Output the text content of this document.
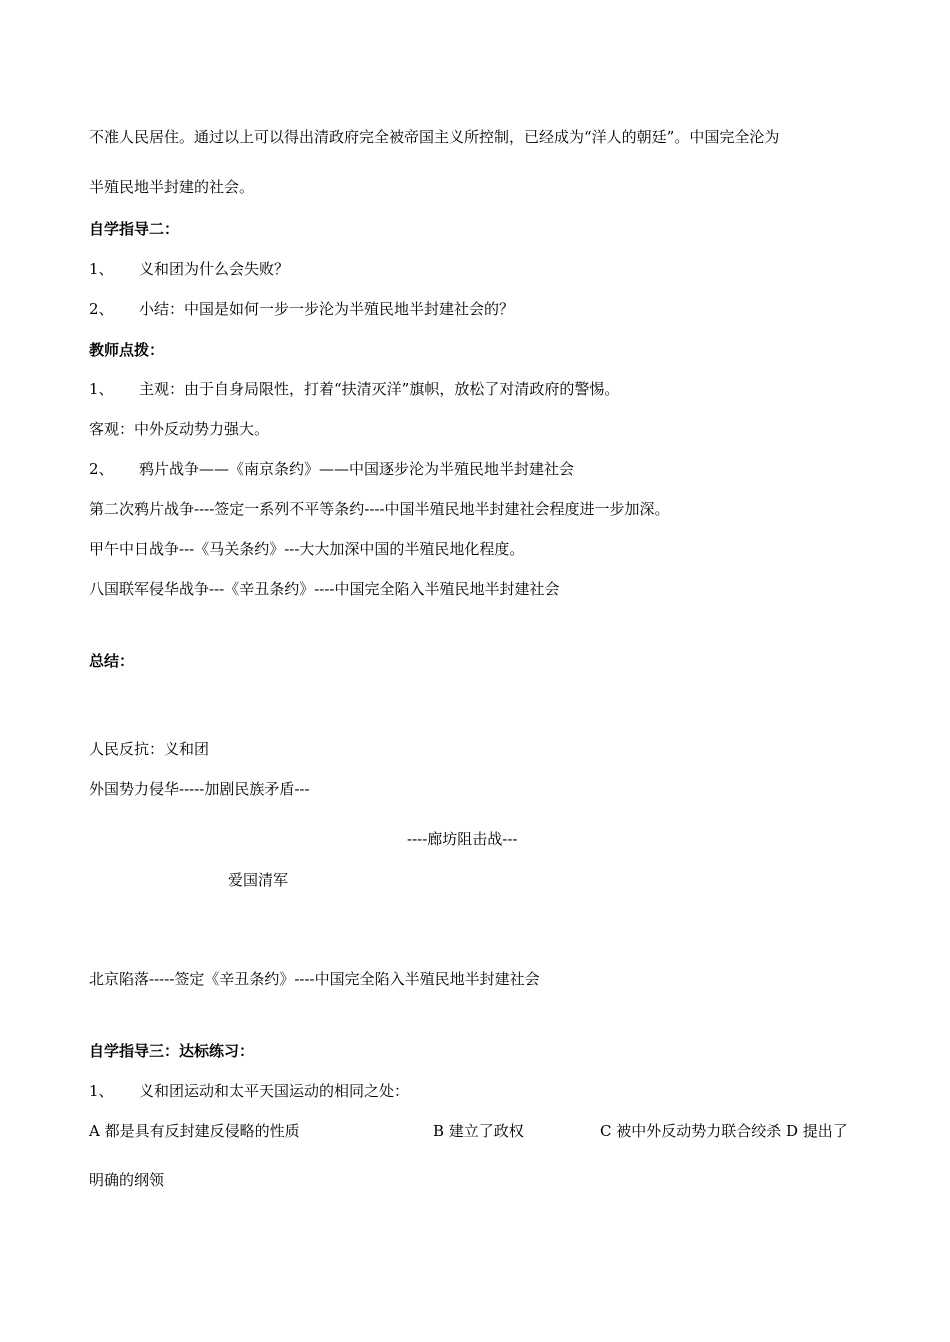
不准人民居住。通过以上可以得出清政府完全被帝国主义所控制，已经成为“洋人的朝廷”。中国完全沦为
半殖民地半封建的社会。
自学指导二：
1、 义和团为什么会失败？
2、 小结：中国是如何一步一步沦为半殖民地半封建社会的？
教师点拨：
1、 主观：由于自身局限性，打着“扶清灭洋”旗帜，放松了对清政府的警惕。
客观：中外反动势力强大。
2、 鸦片战争——《南京条约》——中国逐步沦为半殖民地半封建社会
第二次鸦片战争----签定一系列不平等条约----中国半殖民地半封建社会程度进一步加深。
甲午中日战争---《马关条约》---大大加深中国的半殖民地化程度。
八国联军侵华战争---《辛丑条约》----中国完全陷入半殖民地半封建社会
总结：
人民反抗：义和团
外国势力侵华-----加剧民族矛盾---
----廊坊阻击战---
爱国清军
北京陷落-----签定《辛丑条约》----中国完全陷入半殖民地半封建社会
自学指导三：达标练习：
1、 义和团运动和太平天国运动的相同之处：
A 都是具有反封建反侵略的性质	B 建立了政权	C 被中外反动势力联合绞杀 D 提出了
明确的纲领
